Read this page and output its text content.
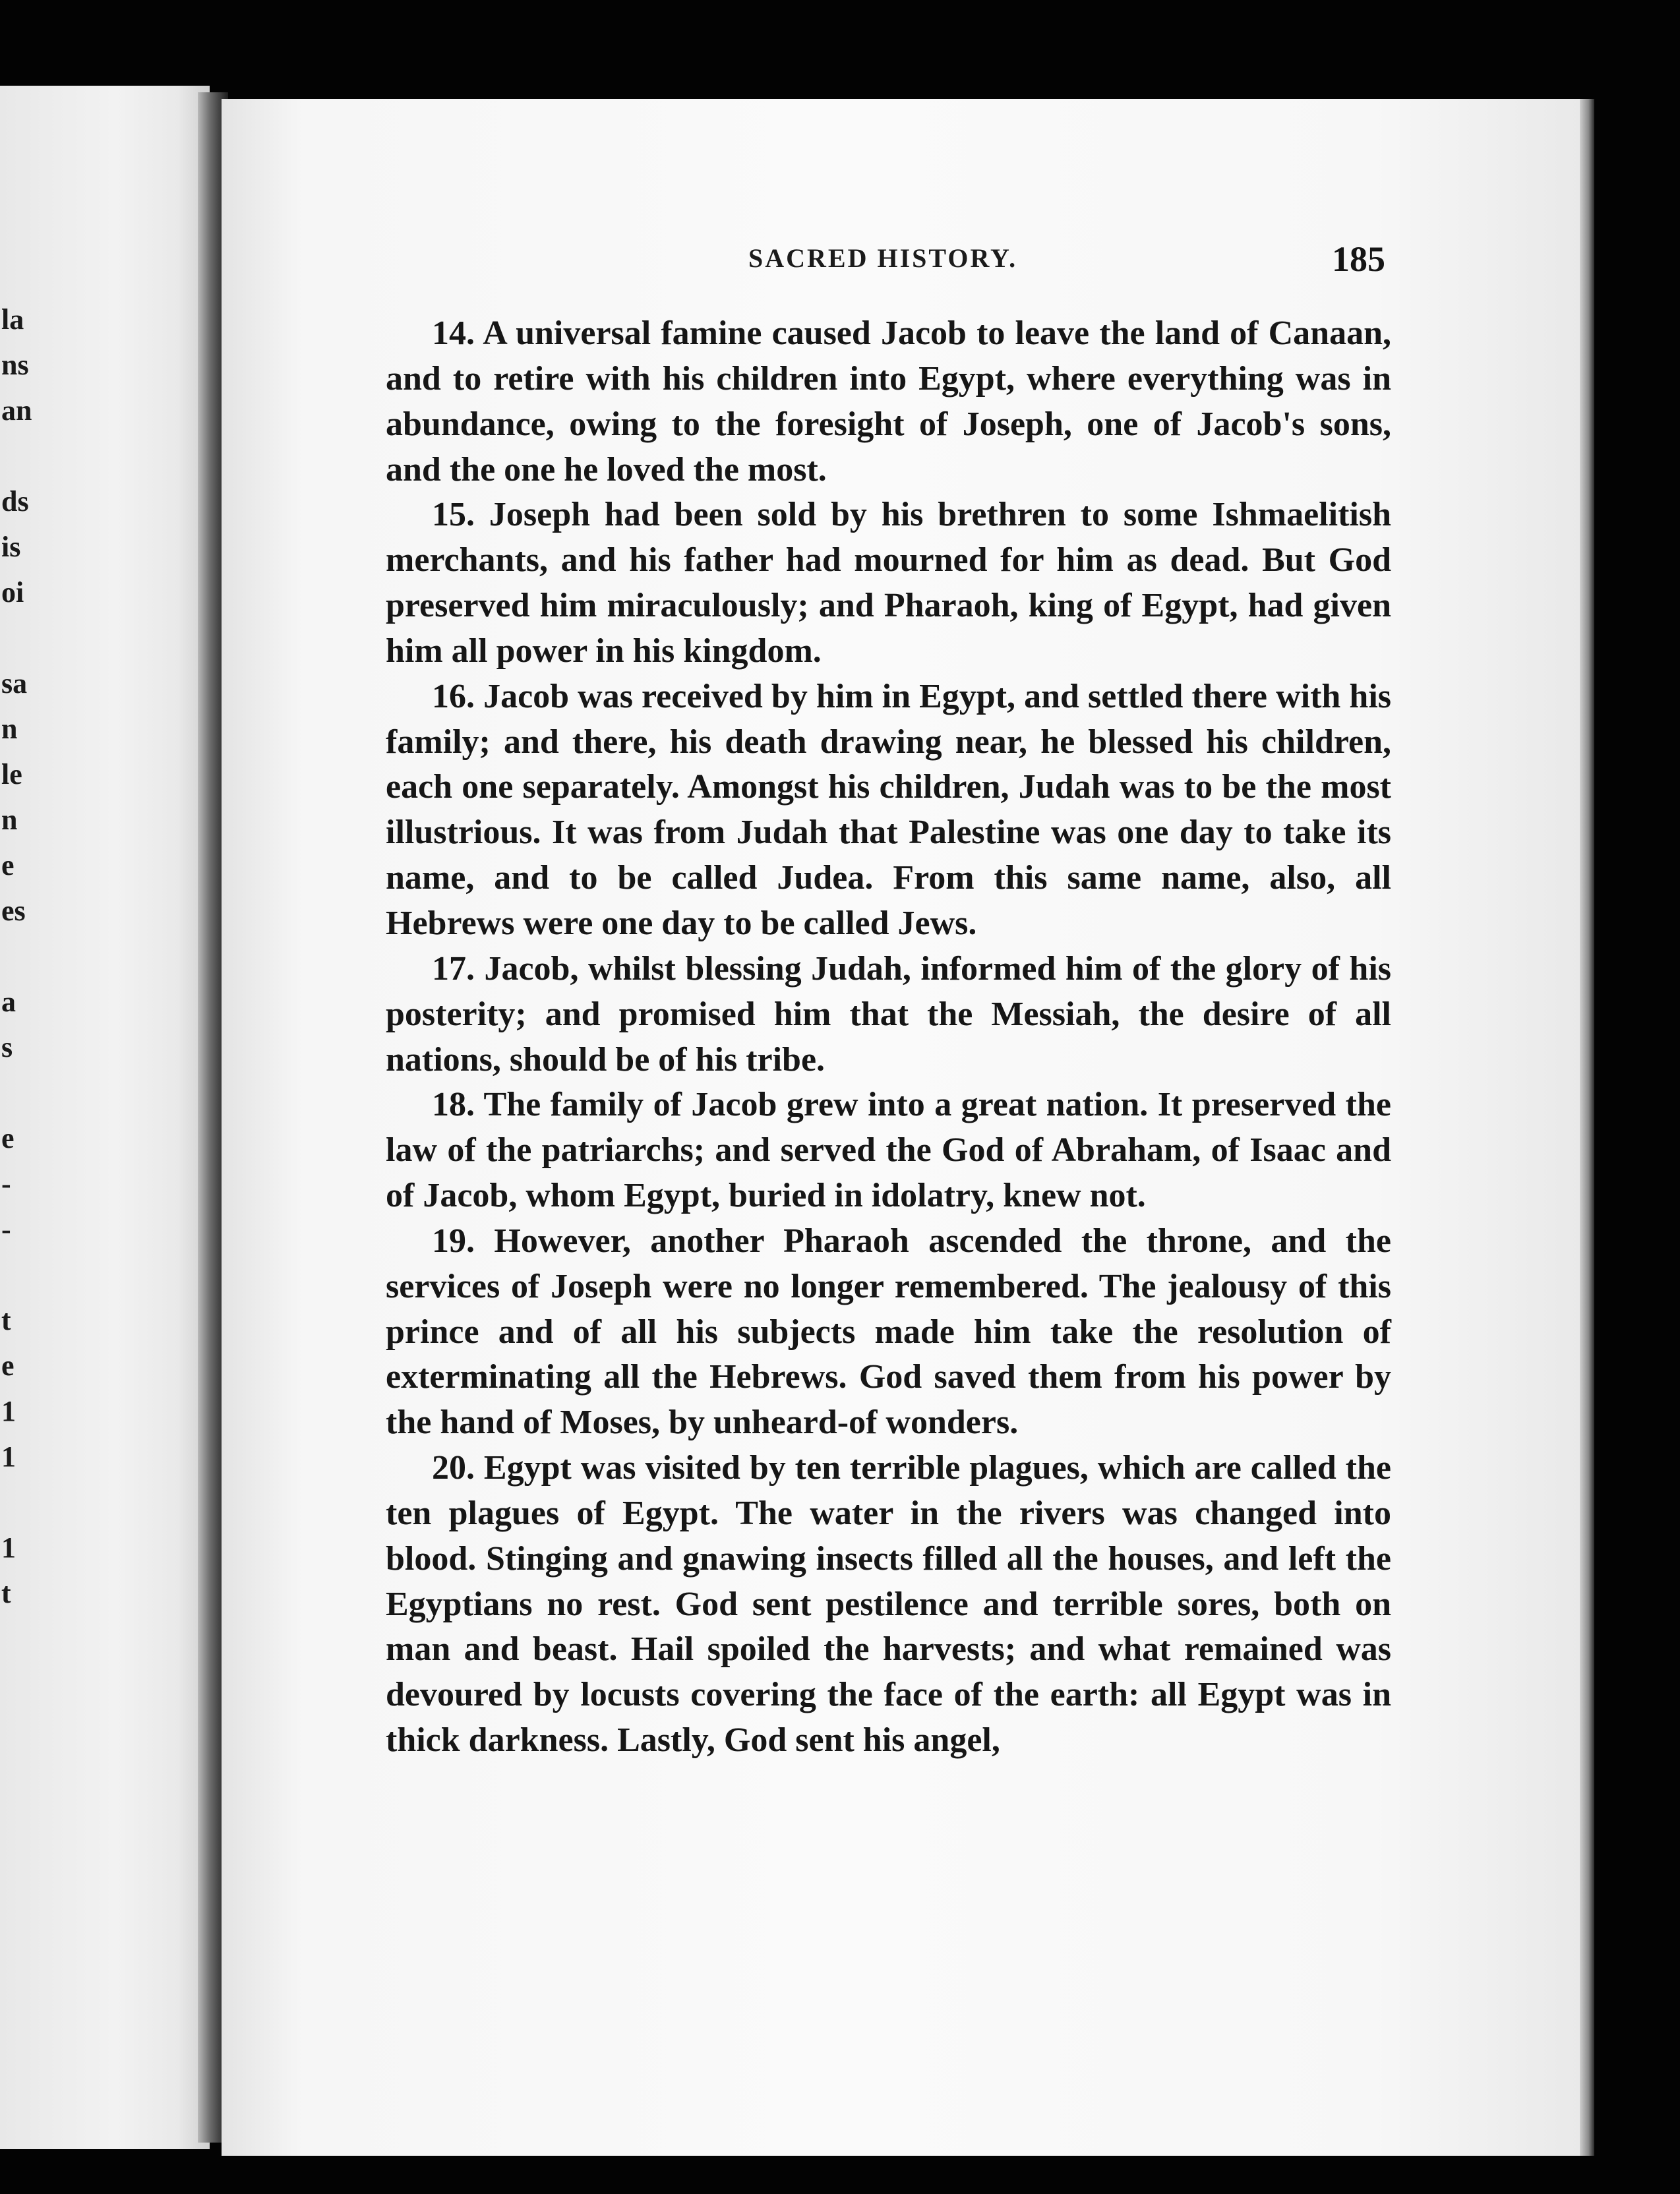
la
ns
an
ds
is
oi
sa
n
le
n
e
es
a
s
e
-
-
t
e
1
1
1
t
SACRED HISTORY.	185

14. A universal famine caused Jacob to leave the land of Canaan, and to retire with his children into Egypt, where everything was in abundance, owing to the foresight of Joseph, one of Jacob's sons, and the one he loved the most.

15. Joseph had been sold by his brethren to some Ishmaelitish merchants, and his father had mourned for him as dead. But God preserved him miraculously; and Pharaoh, king of Egypt, had given him all power in his kingdom.

16. Jacob was received by him in Egypt, and settled there with his family; and there, his death drawing near, he blessed his children, each one separately. Amongst his children, Judah was to be the most illustrious. It was from Judah that Palestine was one day to take its name, and to be called Judea. From this same name, also, all Hebrews were one day to be called Jews.

17. Jacob, whilst blessing Judah, informed him of the glory of his posterity; and promised him that the Messiah, the desire of all nations, should be of his tribe.

18. The family of Jacob grew into a great nation. It preserved the law of the patriarchs; and served the God of Abraham, of Isaac and of Jacob, whom Egypt, buried in idolatry, knew not.

19. However, another Pharaoh ascended the throne, and the services of Joseph were no longer remembered. The jealousy of this prince and of all his subjects made him take the resolution of exterminating all the Hebrews. God saved them from his power by the hand of Moses, by unheard-of wonders.

20. Egypt was visited by ten terrible plagues, which are called the ten plagues of Egypt. The water in the rivers was changed into blood. Stinging and gnawing insects filled all the houses, and left the Egyptians no rest. God sent pestilence and terrible sores, both on man and beast. Hail spoiled the harvests; and what remained was devoured by locusts covering the face of the earth: all Egypt was in thick darkness. Lastly, God sent his angel,
